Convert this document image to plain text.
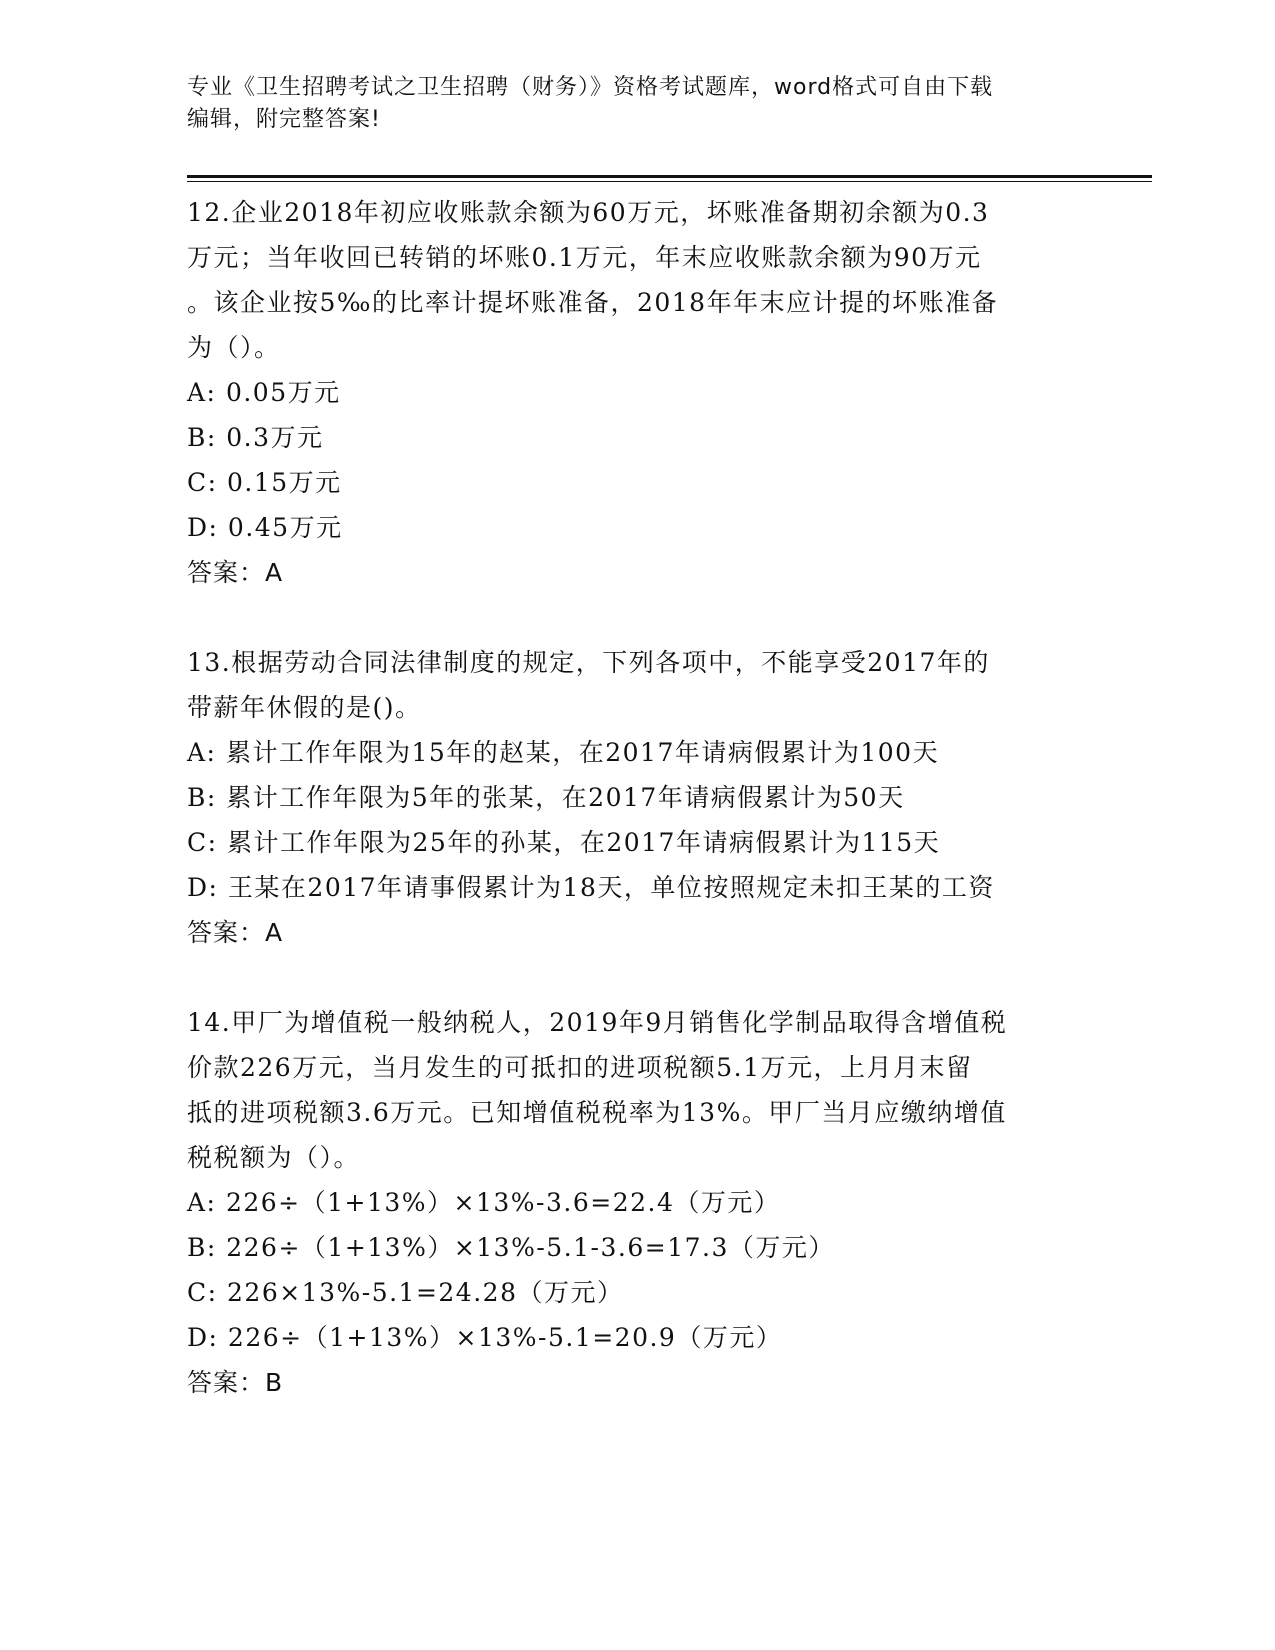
专业《卫生招聘考试之卫生招聘（财务）》资格考试题库，word格式可自由下载
编辑，附完整答案!
12.企业2018年初应收账款余额为60万元，坏账准备期初余额为0.3
万元；当年收回已转销的坏账0.1万元，年末应收账款余额为90万元
。该企业按5‰的比率计提坏账准备，2018年年末应计提的坏账准备
为（）。
A: 0.05万元
B: 0.3万元
C: 0.15万元
D: 0.45万元
答案：A
13.根据劳动合同法律制度的规定，下列各项中，不能享受2017年的
带薪年休假的是()。
A: 累计工作年限为15年的赵某，在2017年请病假累计为100天
B: 累计工作年限为5年的张某，在2017年请病假累计为50天
C: 累计工作年限为25年的孙某，在2017年请病假累计为115天
D: 王某在2017年请事假累计为18天，单位按照规定未扣王某的工资
答案：A
14.甲厂为增值税一般纳税人，2019年9月销售化学制品取得含增值税
价款226万元，当月发生的可抵扣的进项税额5.1万元，上月月末留
抵的进项税额3.6万元。已知增值税税率为13%。甲厂当月应缴纳增值
税税额为（）。
A: 226÷（1+13%）×13%-3.6=22.4（万元）
B: 226÷（1+13%）×13%-5.1-3.6=17.3（万元）
C: 226×13%-5.1=24.28（万元）
D: 226÷（1+13%）×13%-5.1=20.9（万元）
答案：B
